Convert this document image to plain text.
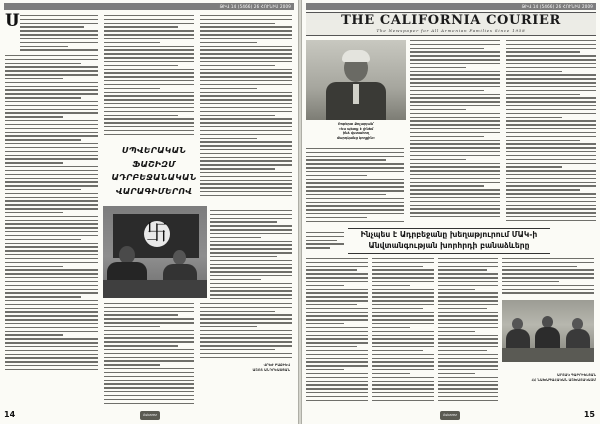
ԹԻՎ 14 (5466) 26 ՀՈՒՆԻՍ 2009
Ս
ՍՊՎԵՐԱԿԱՆ ՖԱՇԻԶՄ
ԱԴՐԲԵՋԱՆԱԿԱՆ
ՎԱՐԱԳԻՄԵՐՈՎ
卐
ՎՐԵԺ ԲԱՔԻԵՎ
ԱՇՈՏ ԱՆԴՐԵԱՍՅԱՆ
14	Asbarez
ԹԻՎ 14 (5466) 26 ՀՈՒՆԻՍ 2009
THE CALIFORNIA COURIER
The Newspaper for All Armenian Families Since 1958
Ռոբերտ Քոչարյան՝
«Ես պետք է լինեմ
ինձ վստահող
մարդկանց կողքին»
Ինչպես է Ադրբեջանը խեղաթյուրում ՄԱԿ-ի
Անվտանգության խորհրդի բանաձևերը
ԱՐՏԱԿ ԳԱԲՐԻԵԼՅԱՆ
ՀՀ ՆԱԽԱԳԱՀԱԿԱՆ ԱՇԽԱՏԱԿԱԶՄ
Asbarez	15
